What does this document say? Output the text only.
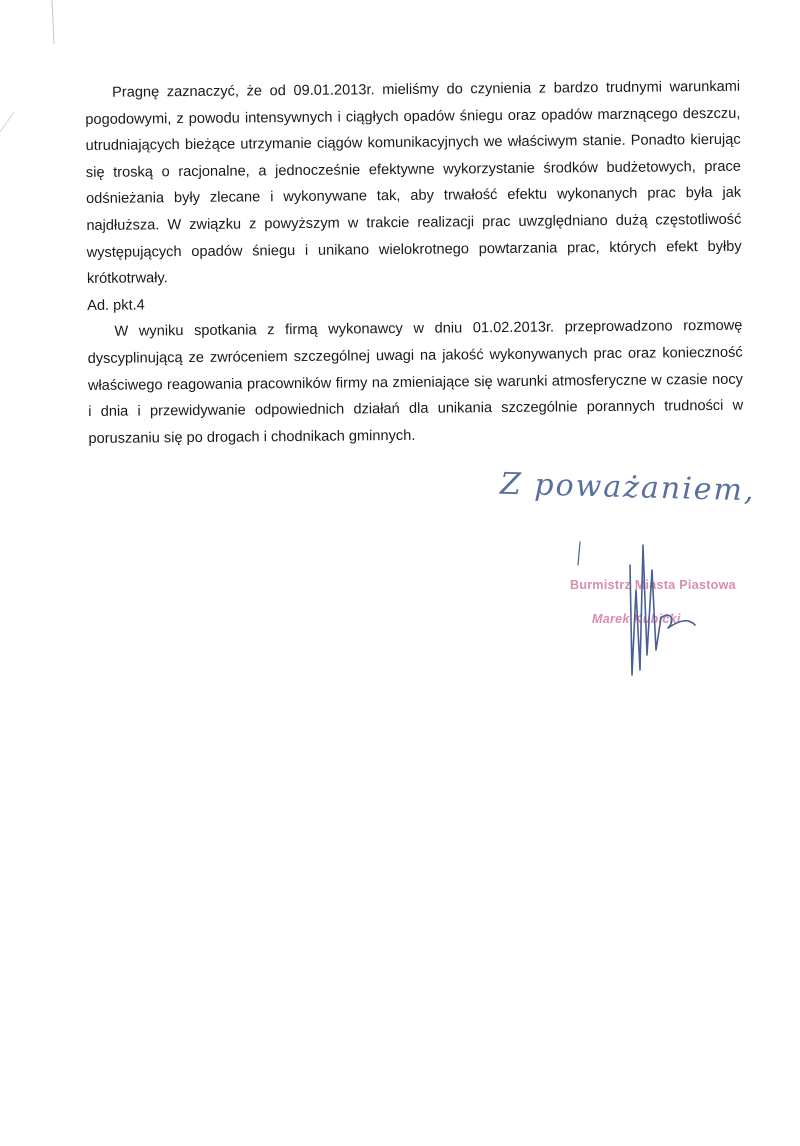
Pragnę zaznaczyć, że od 09.01.2013r. mieliśmy do czynienia z bardzo trudnymi warunkami pogodowymi, z powodu intensywnych i ciągłych opadów śniegu oraz opadów marznącego deszczu, utrudniających bieżące utrzymanie ciągów komunikacyjnych we właściwym stanie. Ponadto kierując się troską o racjonalne, a jednocześnie efektywne wykorzystanie środków budżetowych, prace odśnieżania były zlecane i wykonywane tak, aby trwałość efektu wykonanych prac była jak najdłuższa. W związku z powyższym w trakcie realizacji prac uwzględniano dużą częstotliwość występujących opadów śniegu i unikano wielokrotnego powtarzania prac, których efekt byłby krótkotrwały.

Ad. pkt.4

W wyniku spotkania z firmą wykonawcy w dniu 01.02.2013r. przeprowadzono rozmowę dyscyplinującą ze zwróceniem szczególnej uwagi na jakość wykonywanych prac oraz konieczność właściwego reagowania pracowników firmy na zmieniające się warunki atmosferyczne w czasie nocy i dnia i przewidywanie odpowiednich działań dla unikania szczególnie porannych trudności w poruszaniu się po drogach i chodnikach gminnych.

Z poważaniem,
Burmistrz Miasta Piastowa
Marek Kubicki
